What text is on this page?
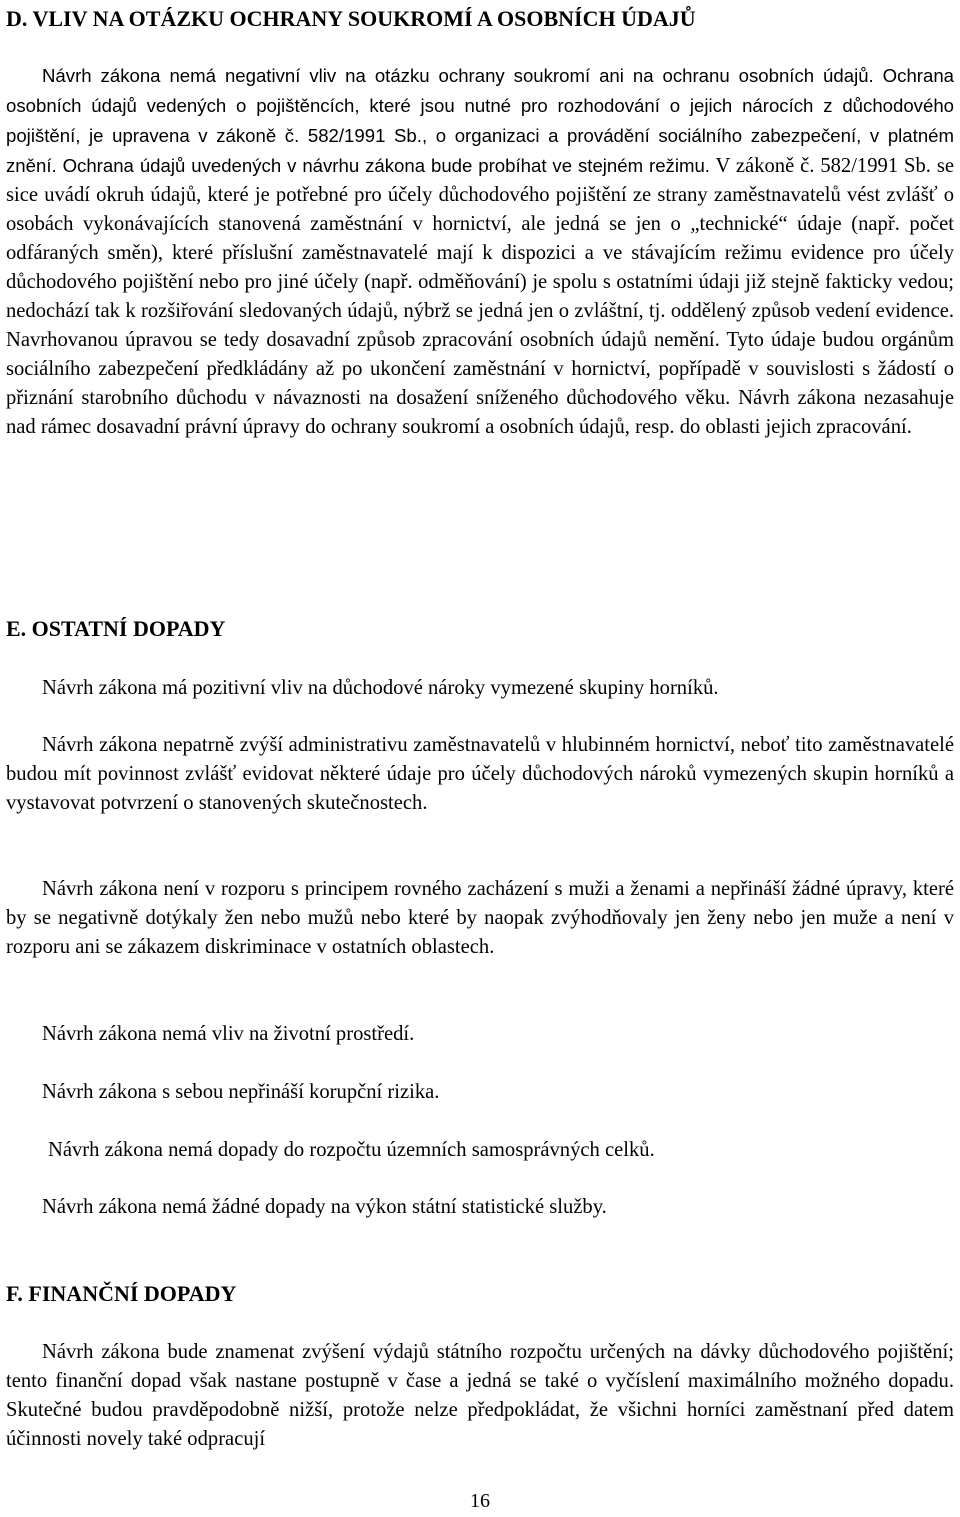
D. VLIV NA OTÁZKU OCHRANY SOUKROMÍ A OSOBNÍCH ÚDAJŮ

Návrh zákona nemá negativní vliv na otázku ochrany soukromí ani na ochranu osobních údajů. Ochrana osobních údajů vedených o pojištěncích, které jsou nutné pro rozhodování o jejich nárocích z důchodového pojištění, je upravena v zákoně č. 582/1991 Sb., o organizaci a provádění sociálního zabezpečení, v platném znění. Ochrana údajů uvedených v návrhu zákona bude probíhat ve stejném režimu. V zákoně č. 582/1991 Sb. se sice uvádí okruh údajů, které je potřebné pro účely důchodového pojištění ze strany zaměstnavatelů vést zvlášť o osobách vykonávajících stanovená zaměstnání v hornictví, ale jedná se jen o „technické“ údaje (např. počet odfáraných směn), které příslušní zaměstnavatelé mají k dispozici a ve stávajícím režimu evidence pro účely důchodového pojištění nebo pro jiné účely (např. odměňování) je spolu s ostatními údaji již stejně fakticky vedou; nedochází tak k rozšiřování sledovaných údajů, nýbrž se jedná jen o zvláštní, tj. oddělený způsob vedení evidence. Navrhovanou úpravou se tedy dosavadní způsob zpracování osobních údajů nemění. Tyto údaje budou orgánům sociálního zabezpečení předkládány až po ukončení zaměstnání v hornictví, popřípadě v souvislosti s žádostí o přiznání starobního důchodu v návaznosti na dosažení sníženého důchodového věku. Návrh zákona nezasahuje nad rámec dosavadní právní úpravy do ochrany soukromí a osobních údajů, resp. do oblasti jejich zpracování.

E. OSTATNÍ DOPADY

Návrh zákona má pozitivní vliv na důchodové nároky vymezené skupiny horníků.

Návrh zákona nepatrně zvýší administrativu zaměstnavatelů v hlubinném hornictví, neboť tito zaměstnavatelé budou mít povinnost zvlášť evidovat některé údaje pro účely důchodových nároků vymezených skupin horníků a vystavovat potvrzení o stanovených skutečnostech.

Návrh zákona není v rozporu s principem rovného zacházení s muži a ženami a nepřináší žádné úpravy, které by se negativně dotýkaly žen nebo mužů nebo které by naopak zvýhodňovaly jen ženy nebo jen muže a není v rozporu ani se zákazem diskriminace v ostatních oblastech.

Návrh zákona nemá vliv na životní prostředí.

Návrh zákona s sebou nepřináší korupční rizika.

Návrh zákona nemá dopady do rozpočtu územních samosprávných celků.

Návrh zákona nemá žádné dopady na výkon státní statistické služby.

F. FINANČNÍ DOPADY

Návrh zákona bude znamenat zvýšení výdajů státního rozpočtu určených na dávky důchodového pojištění; tento finanční dopad však nastane postupně v čase a jedná se také o vyčíslení maximálního možného dopadu. Skutečné budou pravděpodobně nižší, protože nelze předpokládat, že všichni horníci zaměstnaní před datem účinnosti novely také odpracují

16
